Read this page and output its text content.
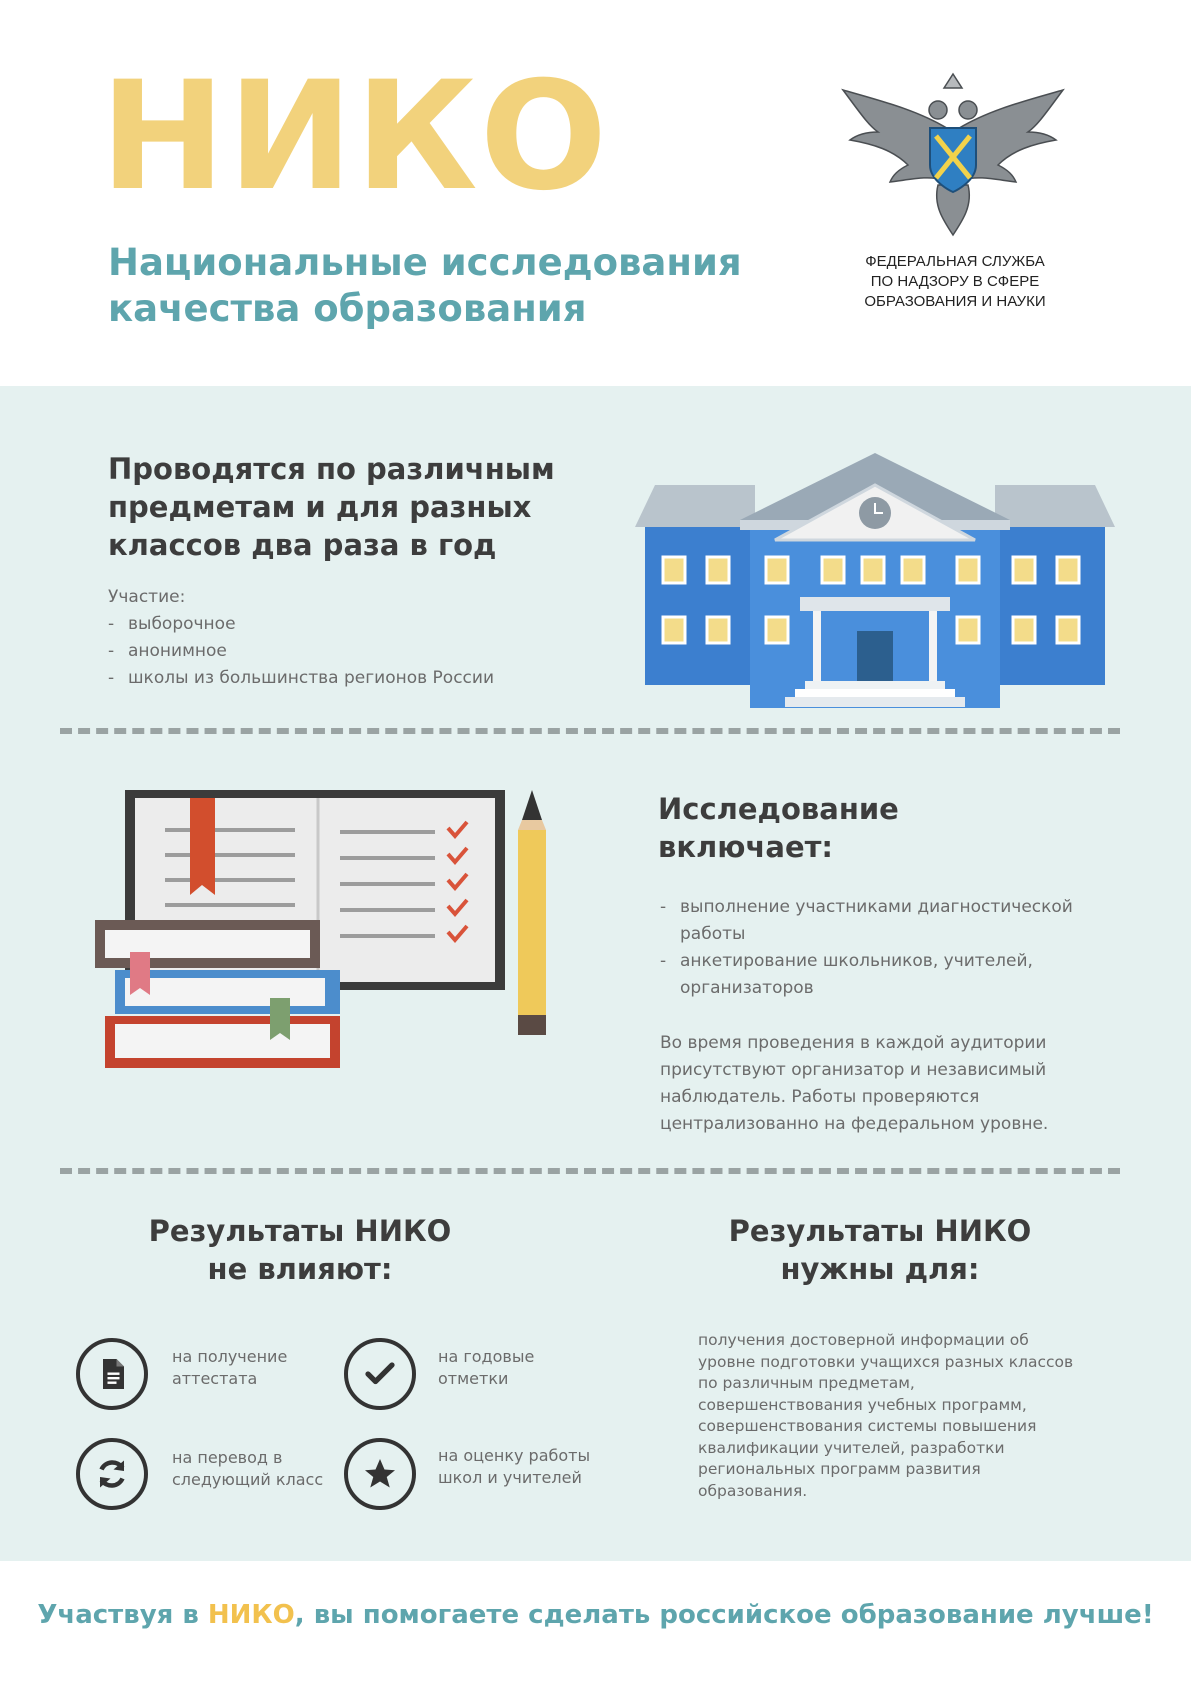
НИКО
Национальные исследования
качества образования
ФЕДЕРАЛЬНАЯ СЛУЖБА
ПО НАДЗОРУ В СФЕРЕ
ОБРАЗОВАНИЯ И НАУКИ
Проводятся по различным
предметам и для разных
классов два раза в год
Участие:
- выборочное
- анонимное
- школы из большинства регионов России
Исследование
включает:
- выполнение участниками диагностической работы
- анкетирование школьников, учителей, организаторов
Во время проведения в каждой аудитории присутствуют организатор и независимый наблюдатель. Работы проверяются централизованно на федеральном уровне.
Результаты НИКО
не влияют:
Результаты НИКО
нужны для:
на получение аттестата
на годовые отметки
на перевод в следующий класс
на оценку работы школ и учителей
получения достоверной информации об уровне подготовки учащихся разных классов по различным предметам, совершенствования учебных программ, совершенствования системы повышения квалификации учителей, разработки региональных программ развития образования.
Участвуя в НИКО, вы помогаете сделать российское образование лучше!
